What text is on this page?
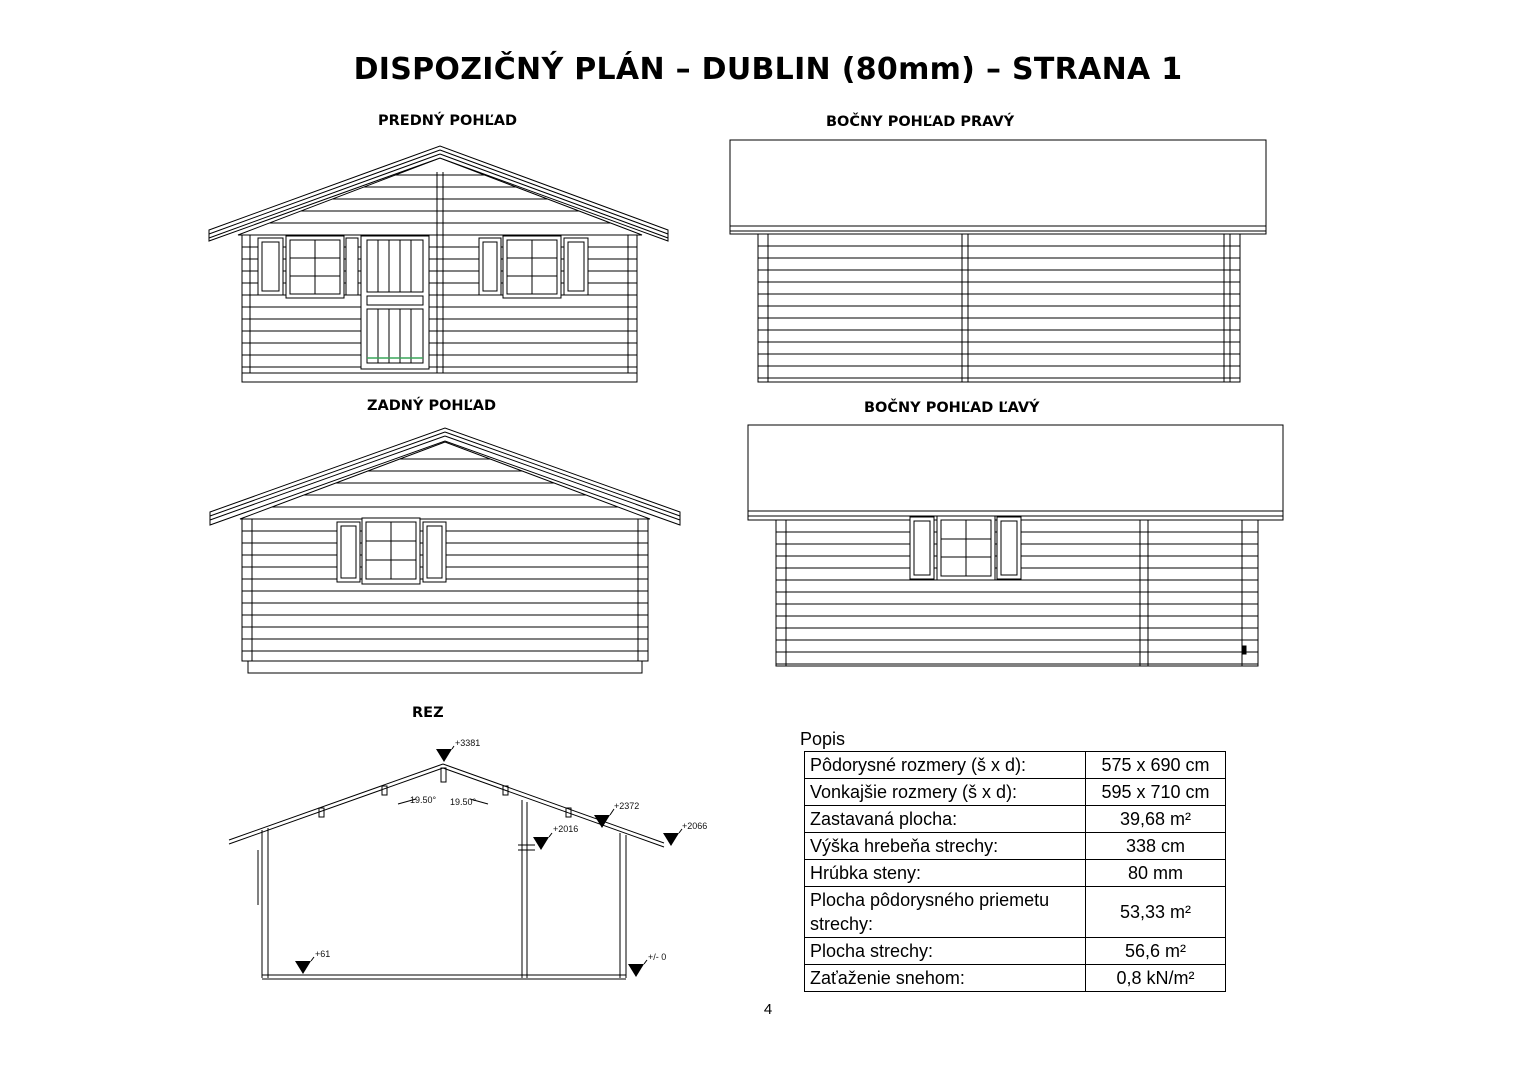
DISPOZIČNÝ PLÁN – DUBLIN (80mm) – STRANA 1
PREDNÝ POHĽAD	BOČNY POHĽAD PRAVÝ
ZADNÝ POHĽAD	BOČNY POHĽAD ĽAVÝ
REZ
+3381
+2372
+2066
+2016
+61	+/- 0
19.50° 19.50°
Popis
Pôdorysné rozmery (š x d):	575 x 690 cm
Vonkajšie rozmery (š x d):	595 x 710 cm
Zastavaná plocha:	39,68 m²
Výška hrebeňa strechy:	338 cm
Hrúbka steny:	80 mm
Plocha pôdorysného priemetu strechy:	53,33 m²
Plocha strechy:	56,6 m²
Zaťaženie snehom:	0,8 kN/m²
4
